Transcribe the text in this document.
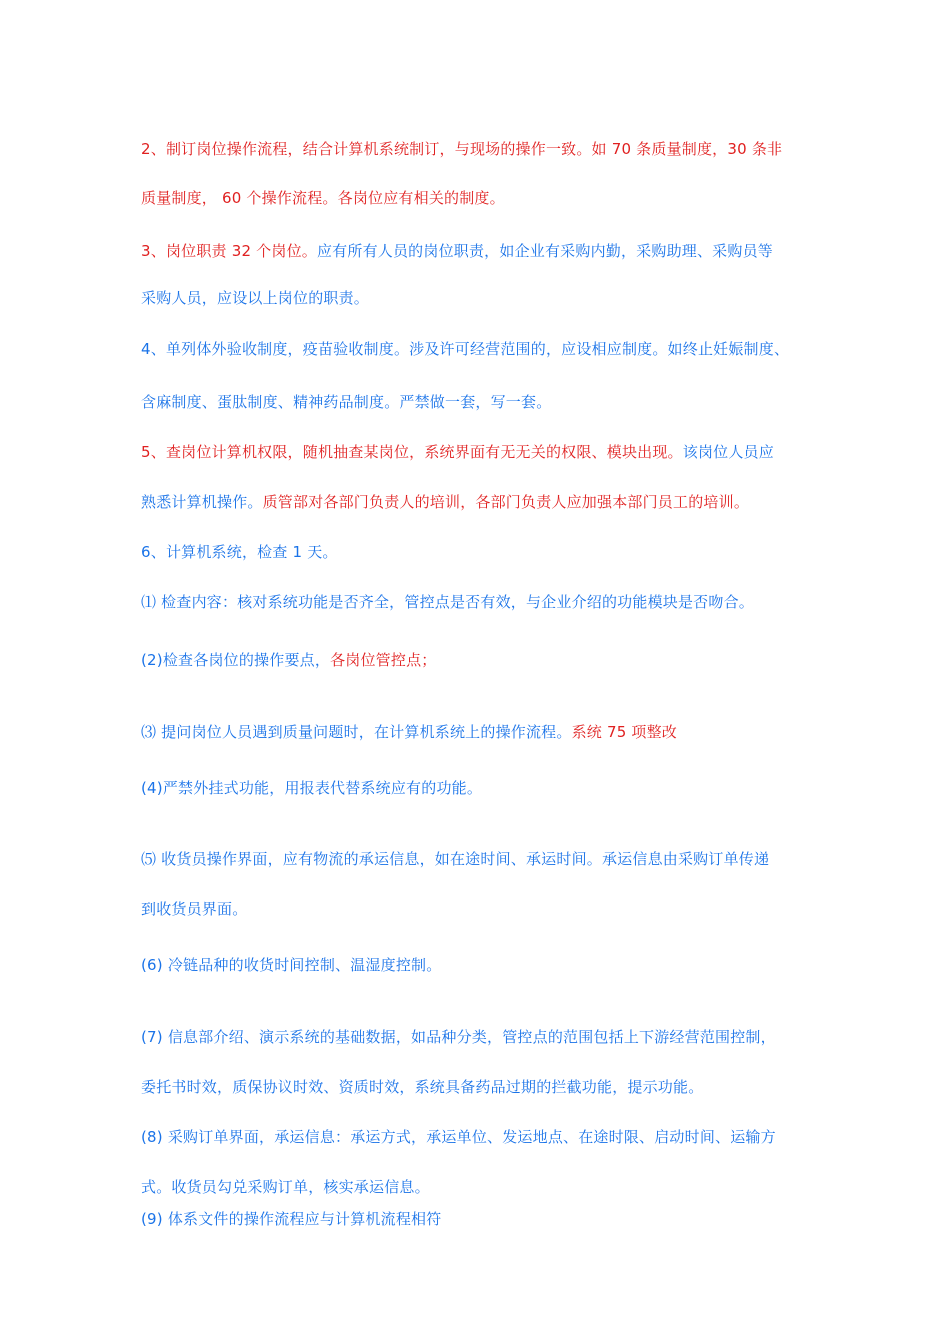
2、制订岗位操作流程，结合计算机系统制订，与现场的操作一致。如 70 条质量制度，30 条非
质量制度， 60 个操作流程。各岗位应有相关的制度。
3、岗位职责 32 个岗位。应有所有人员的岗位职责，如企业有采购内勤，采购助理、采购员等
采购人员，应设以上岗位的职责。
4、单列体外验收制度，疫苗验收制度。涉及许可经营范围的，应设相应制度。如终止妊娠制度、
含麻制度、蛋肽制度、精神药品制度。严禁做一套，写一套。
5、查岗位计算机权限，随机抽查某岗位，系统界面有无无关的权限、模块出现。该岗位人员应
熟悉计算机操作。质管部对各部门负责人的培训，各部门负责人应加强本部门员工的培训。
6、计算机系统，检查 1 天。
⑴ 检查内容：核对系统功能是否齐全，管控点是否有效，与企业介绍的功能模块是否吻合。
(2)检查各岗位的操作要点，各岗位管控点；
⑶ 提问岗位人员遇到质量问题时，在计算机系统上的操作流程。系统 75 项整改
(4)严禁外挂式功能，用报表代替系统应有的功能。
⑸ 收货员操作界面，应有物流的承运信息，如在途时间、承运时间。承运信息由采购订单传递
到收货员界面。
(6) 冷链品种的收货时间控制、温湿度控制。
(7) 信息部介绍、演示系统的基础数据，如品种分类，管控点的范围包括上下游经营范围控制，
委托书时效，质保协议时效、资质时效，系统具备药品过期的拦截功能，提示功能。
(8) 采购订单界面，承运信息：承运方式，承运单位、发运地点、在途时限、启动时间、运输方
式。收货员勾兑采购订单，核实承运信息。
(9) 体系文件的操作流程应与计算机流程相符
